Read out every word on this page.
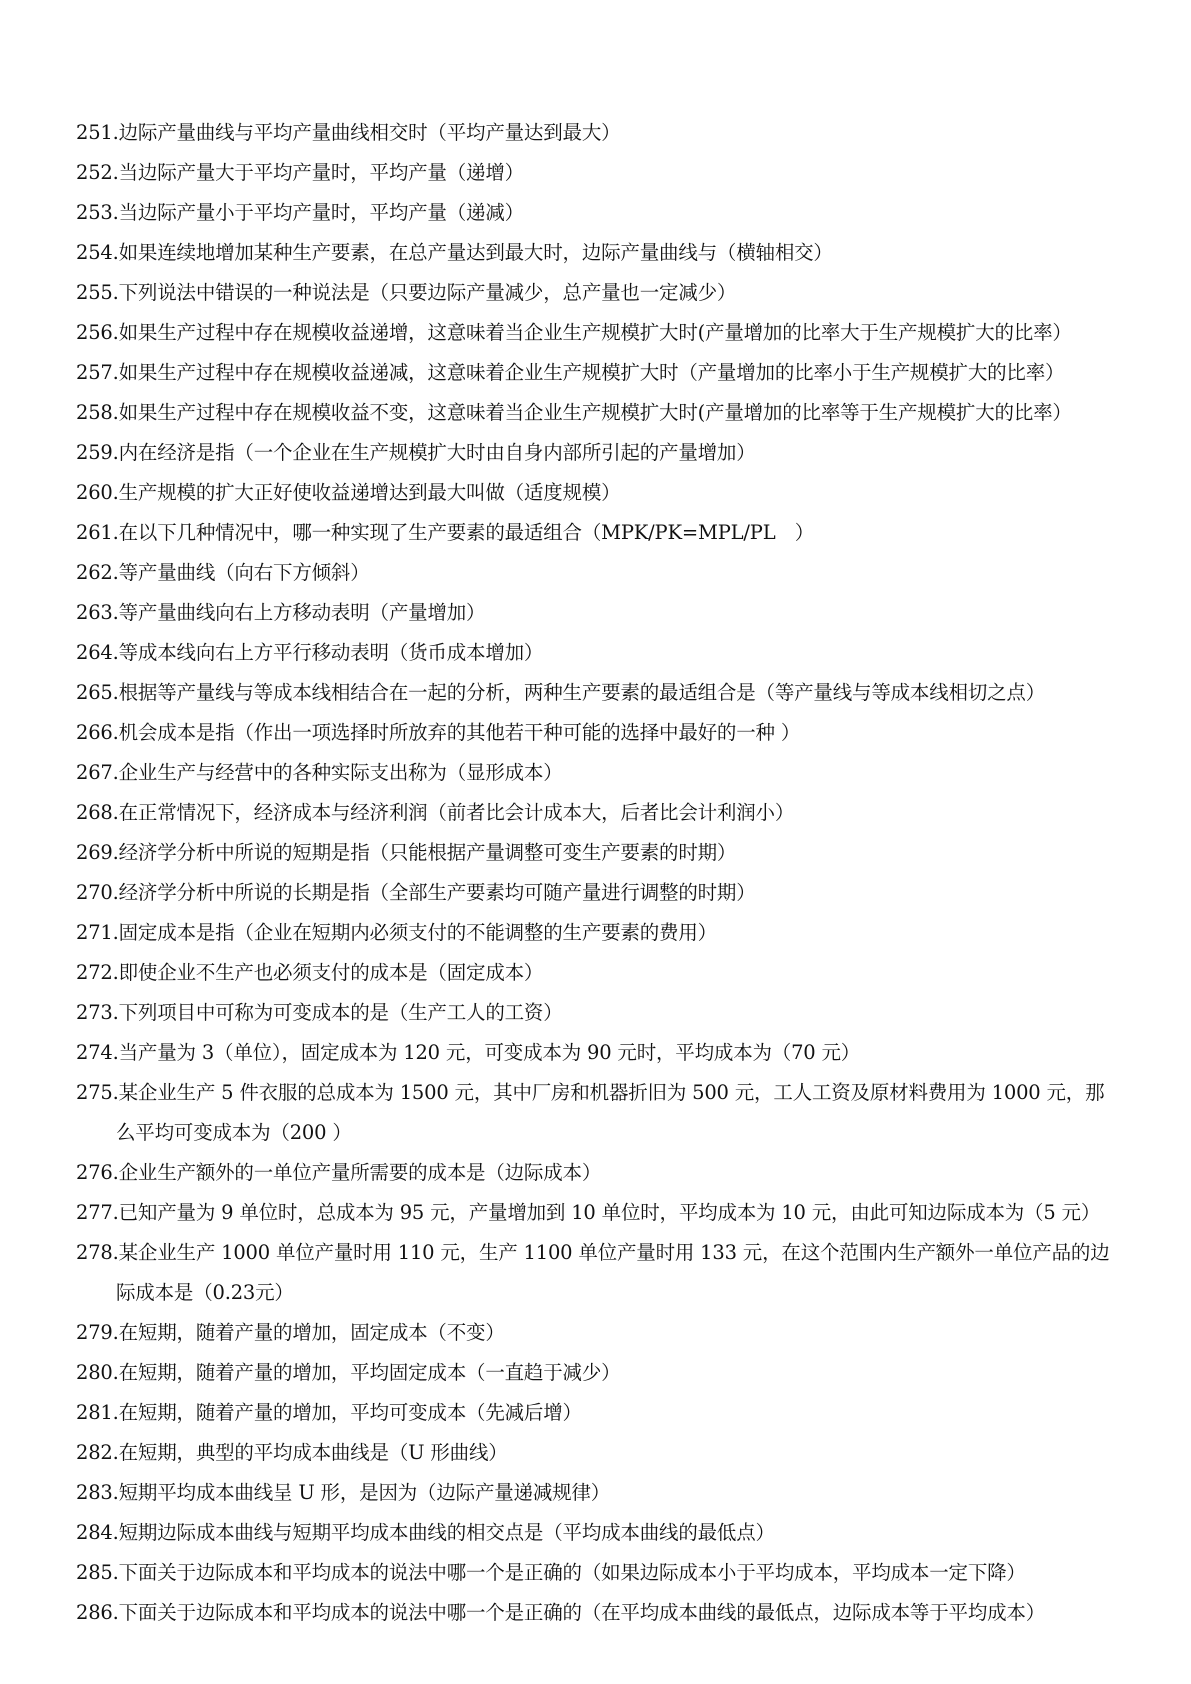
251.边际产量曲线与平均产量曲线相交时（平均产量达到最大）
252.当边际产量大于平均产量时，平均产量（递增）
253.当边际产量小于平均产量时，平均产量（递减）
254.如果连续地增加某种生产要素，在总产量达到最大时，边际产量曲线与（横轴相交）
255.下列说法中错误的一种说法是（只要边际产量减少，总产量也一定减少）
256.如果生产过程中存在规模收益递增，这意味着当企业生产规模扩大时(产量增加的比率大于生产规模扩大的比率）
257.如果生产过程中存在规模收益递减，这意味着企业生产规模扩大时（产量增加的比率小于生产规模扩大的比率）
258.如果生产过程中存在规模收益不变，这意味着当企业生产规模扩大时(产量增加的比率等于生产规模扩大的比率）
259.内在经济是指（一个企业在生产规模扩大时由自身内部所引起的产量增加）
260.生产规模的扩大正好使收益递增达到最大叫做（适度规模）
261.在以下几种情况中，哪一种实现了生产要素的最适组合（MPK/PK=MPL/PL　）
262.等产量曲线（向右下方倾斜）
263.等产量曲线向右上方移动表明（产量增加）
264.等成本线向右上方平行移动表明（货币成本增加）
265.根据等产量线与等成本线相结合在一起的分析，两种生产要素的最适组合是（等产量线与等成本线相切之点）
266.机会成本是指（作出一项选择时所放弃的其他若干种可能的选择中最好的一种 ）
267.企业生产与经营中的各种实际支出称为（显形成本）
268.在正常情况下，经济成本与经济利润（前者比会计成本大，后者比会计利润小）
269.经济学分析中所说的短期是指（只能根据产量调整可变生产要素的时期）
270.经济学分析中所说的长期是指（全部生产要素均可随产量进行调整的时期）
271.固定成本是指（企业在短期内必须支付的不能调整的生产要素的费用）
272.即使企业不生产也必须支付的成本是（固定成本）
273.下列项目中可称为可变成本的是（生产工人的工资）
274.当产量为 3（单位），固定成本为 120 元，可变成本为 90 元时，平均成本为（70 元）
275.某企业生产 5 件衣服的总成本为 1500 元，其中厂房和机器折旧为 500 元，工人工资及原材料费用为 1000 元，那
么平均可变成本为（200 ）
276.企业生产额外的一单位产量所需要的成本是（边际成本）
277.已知产量为 9 单位时，总成本为 95 元，产量增加到 10 单位时，平均成本为 10 元，由此可知边际成本为（5 元）
278.某企业生产 1000 单位产量时用 110 元，生产 1100 单位产量时用 133 元，在这个范围内生产额外一单位产品的边
际成本是（0.23元）
279.在短期，随着产量的增加，固定成本（不变）
280.在短期，随着产量的增加，平均固定成本（一直趋于减少）
281.在短期，随着产量的增加，平均可变成本（先减后增）
282.在短期，典型的平均成本曲线是（U 形曲线）
283.短期平均成本曲线呈 U 形，是因为（边际产量递减规律）
284.短期边际成本曲线与短期平均成本曲线的相交点是（平均成本曲线的最低点）
285.下面关于边际成本和平均成本的说法中哪一个是正确的（如果边际成本小于平均成本，平均成本一定下降）
286.下面关于边际成本和平均成本的说法中哪一个是正确的（在平均成本曲线的最低点，边际成本等于平均成本）
